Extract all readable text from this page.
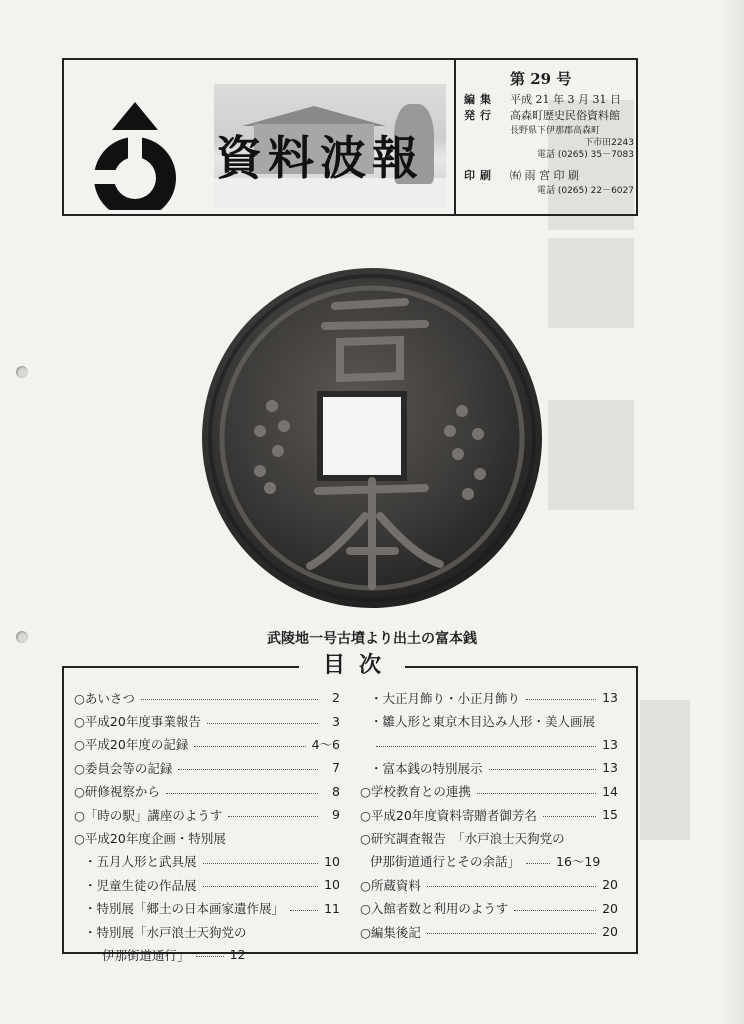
資料波報
第 29 号
編集 平成 21 年 3 月 31 日
発行 高森町歴史民俗資料館
長野県下伊那郡高森町
下市田2243
電話 (0265) 35－7083
印刷 ㈲ 雨 宮 印 刷
電話 (0265) 22－6027
武陵地一号古墳より出土の富本銭
目次
○あいさつ	2
○平成20年度事業報告	3
○平成20年度の記録	4～6
○委員会等の記録	7
○研修視察から	8
○「時の駅」講座のようす	9
○平成20年度企画・特別展
・五月人形と武具展	10
・児童生徒の作品展	10
・特別展「郷土の日本画家遺作展」	11
・特別展「水戸浪士天狗党の
伊那街道通行」	12
・大正月飾り・小正月飾り	13
・雛人形と東京木目込み人形・美人画展
13
・富本銭の特別展示	13
○学校教育との連携	14
○平成20年度資料寄贈者御芳名	15
○研究調査報告　「水戸浪士天狗党の
伊那街道通行とその余話」	16～19
○所蔵資料	20
○入館者数と利用のようす	20
○編集後記	20
